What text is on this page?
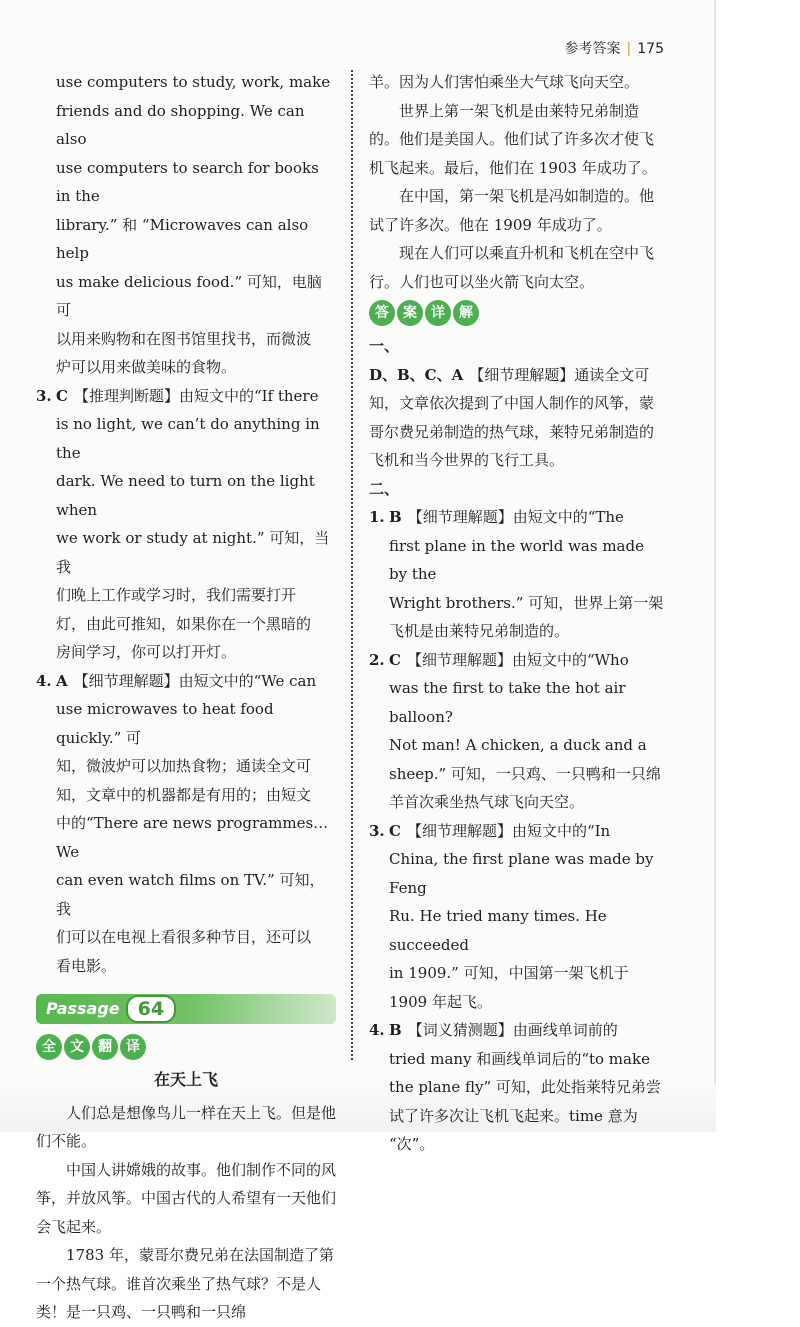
参考答案 | 175

use computers to study, work, make

friends and do shopping. We can also

use computers to search for books in the

library.” 和 “Microwaves can also help

us make delicious food.” 可知，电脑可

以用来购物和在图书馆里找书，而微波

炉可以用来做美味的食物。

3. C 【推理判断题】由短文中的“If there

is no light, we can’t do anything in the

dark. We need to turn on the light when

we work or study at night.” 可知，当我

们晚上工作或学习时，我们需要打开

灯，由此可推知，如果你在一个黑暗的

房间学习，你可以打开灯。

4. A 【细节理解题】由短文中的“We can

use microwaves to heat food quickly.” 可

知，微波炉可以加热食物；通读全文可

知，文章中的机器都是有用的；由短文

中的“There are news programmes…We

can even watch films on TV.” 可知，我

们可以在电视上看很多种节目，还可以

看电影。

Passage 64
全	文	翻	译

在天上飞

人们总是想像鸟儿一样在天上飞。但是他们不能。

中国人讲嫦娥的故事。他们制作不同的风筝，并放风筝。中国古代的人希望有一天他们会飞起来。

1783 年，蒙哥尔费兄弟在法国制造了第一个热气球。谁首次乘坐了热气球？不是人类！是一只鸡、一只鸭和一只绵

羊。因为人们害怕乘坐大气球飞向天空。

世界上第一架飞机是由莱特兄弟制造的。他们是美国人。他们试了许多次才使飞机飞起来。最后，他们在 1903 年成功了。

在中国，第一架飞机是冯如制造的。他试了许多次。他在 1909 年成功了。

现在人们可以乘直升机和飞机在空中飞行。人们也可以坐火箭飞向太空。

答	案	详	解

一、

D、B、C、A 【细节理解题】通读全文可知，文章依次提到了中国人制作的风筝，蒙哥尔费兄弟制造的热气球，莱特兄弟制造的飞机和当今世界的飞行工具。

二、

1. B 【细节理解题】由短文中的“The

first plane in the world was made by the

Wright brothers.” 可知，世界上第一架

飞机是由莱特兄弟制造的。

2. C 【细节理解题】由短文中的“Who

was the first to take the hot air balloon?

Not man! A chicken, a duck and a

sheep.” 可知，一只鸡、一只鸭和一只绵

羊首次乘坐热气球飞向天空。

3. C 【细节理解题】由短文中的“In

China, the first plane was made by Feng

Ru. He tried many times. He succeeded

in 1909.” 可知，中国第一架飞机于

1909 年起飞。

4. B 【词义猜测题】由画线单词前的

tried many 和画线单词后的“to make

the plane fly” 可知，此处指莱特兄弟尝

试了许多次让飞机飞起来。time 意为

“次”。
